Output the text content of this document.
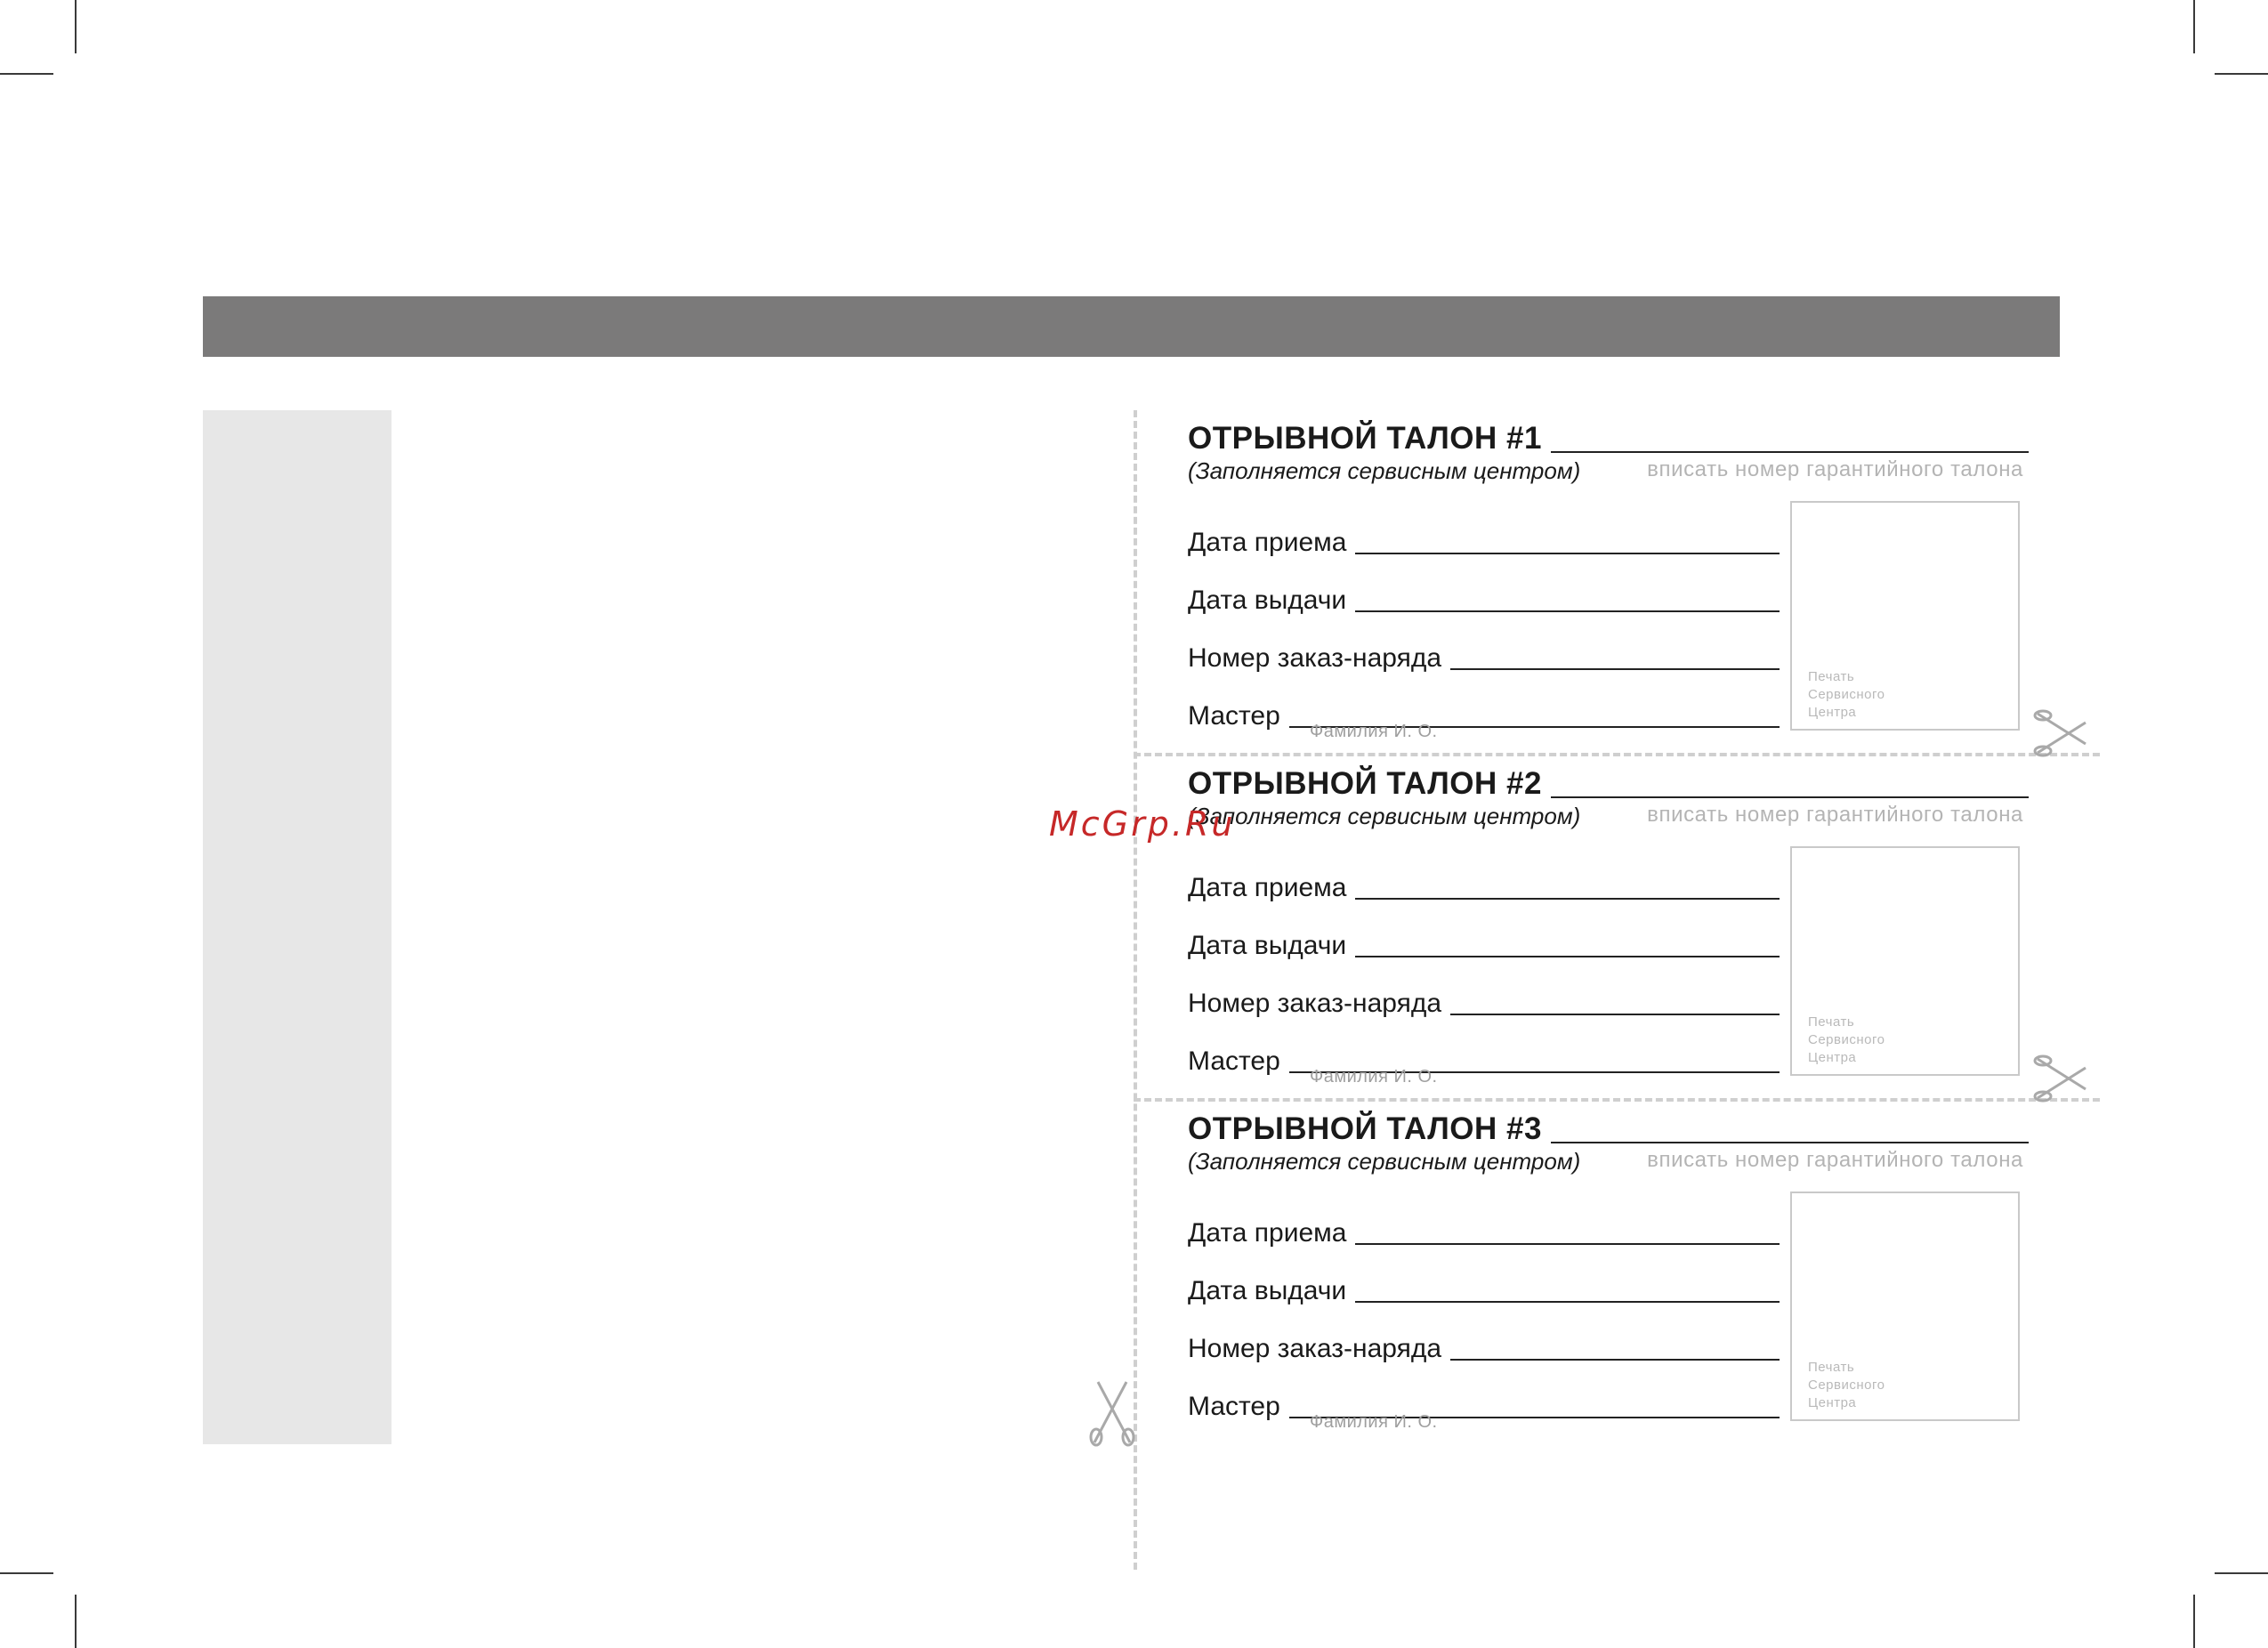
ОТРЫВНОЙ ТАЛОН #1
(Заполняется сервисным центром)	вписать номер гарантийного талона
Дата приема
Дата выдачи
Номер заказ-наряда
Мастер
Фамилия И. О.
Печать
Сервисного
Центра
ОТРЫВНОЙ ТАЛОН #2
(Заполняется сервисным центром)	вписать номер гарантийного талона
Дата приема
Дата выдачи
Номер заказ-наряда
Мастер
Фамилия И. О.
Печать
Сервисного
Центра
ОТРЫВНОЙ ТАЛОН #3
(Заполняется сервисным центром)	вписать номер гарантийного талона
Дата приема
Дата выдачи
Номер заказ-наряда
Мастер
Фамилия И. О.
Печать
Сервисного
Центра
McGrp.Ru
